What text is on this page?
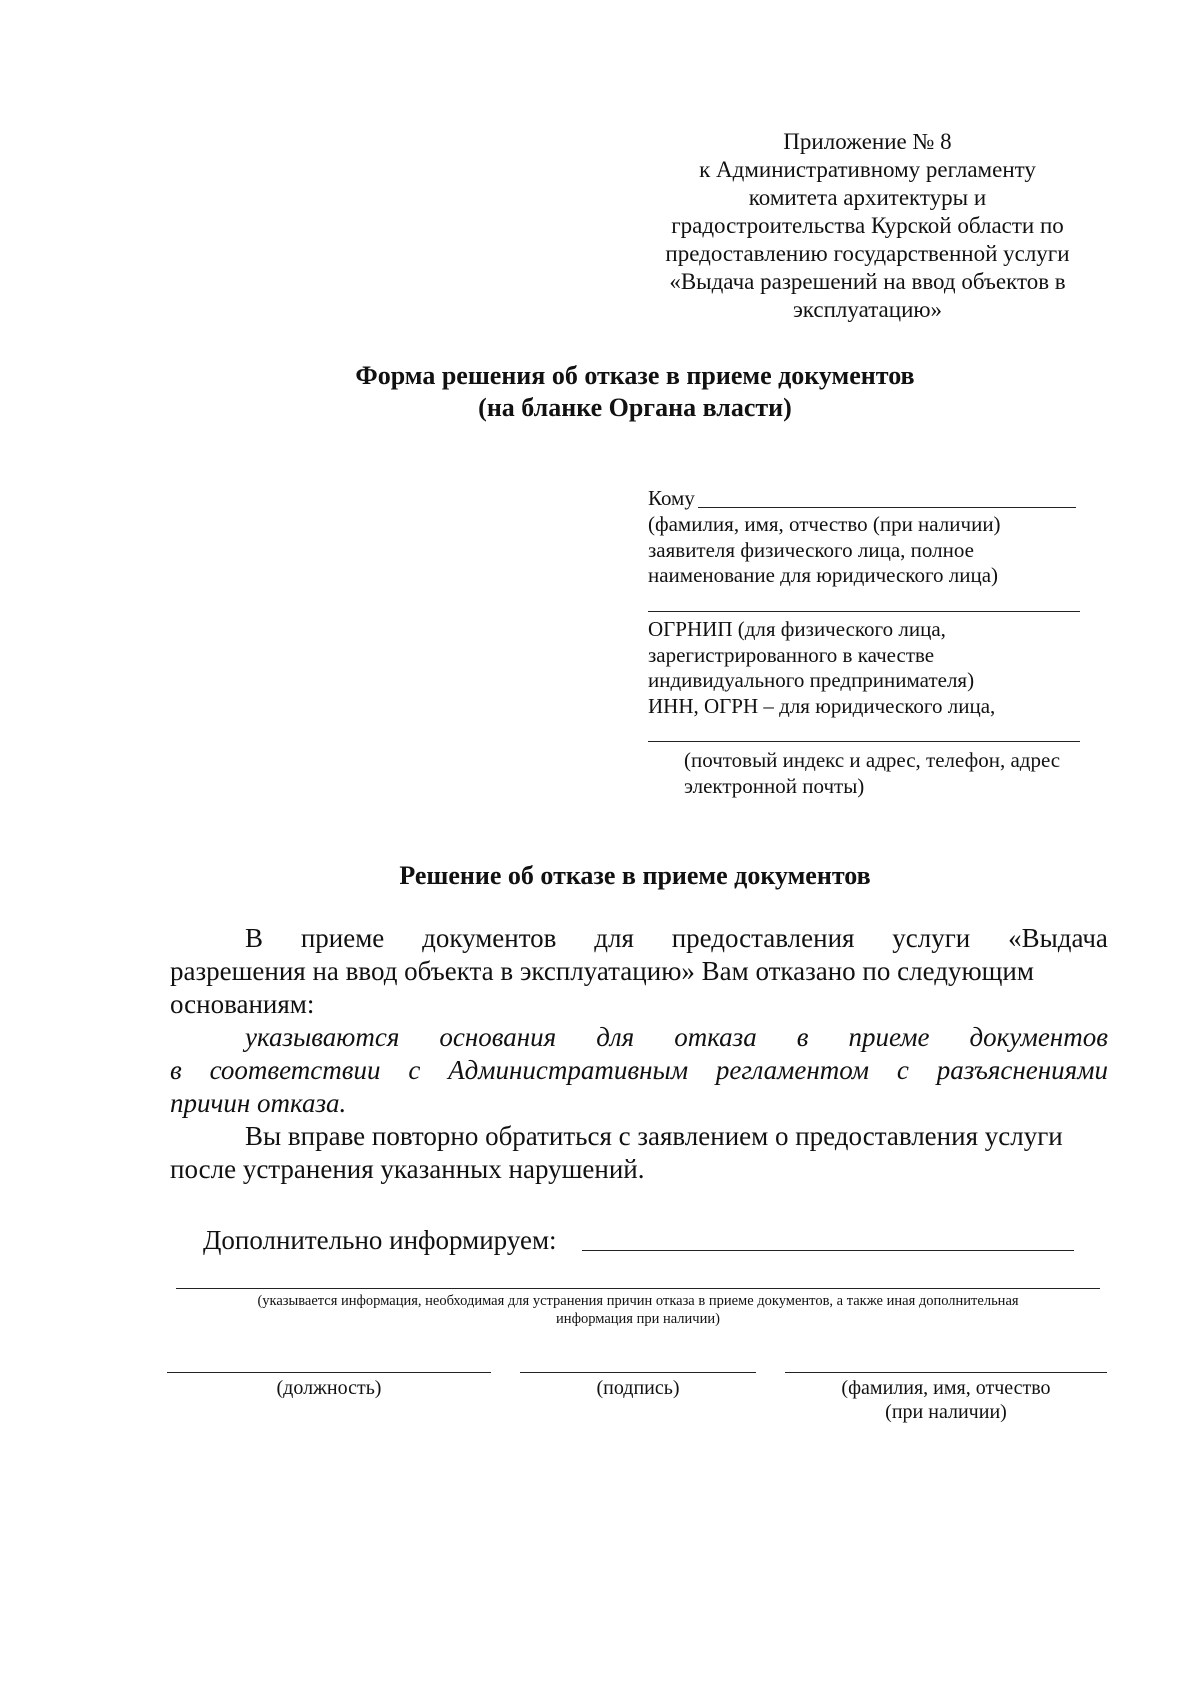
Приложение № 8
к Административному регламенту
комитета архитектуры и
градостроительства Курской области по
предоставлению государственной услуги
«Выдача разрешений на ввод объектов в
эксплуатацию»
Форма решения об отказе в приеме документов
(на бланке Органа власти)
Кому
(фамилия, имя, отчество (при наличии)
заявителя физического лица, полное
наименование для юридического лица)
ОГРНИП (для физического лица,
зарегистрированного в качестве
индивидуального предпринимателя)
ИНН, ОГРН – для юридического лица,
(почтовый индекс и адрес, телефон, адрес
электронной почты)
Решение об отказе в приеме документов
В приеме документов для предоставления услуги «Выдача
разрешения на ввод объекта в эксплуатацию» Вам отказано по следующим
основаниям:
указываются основания для отказа в приеме документов
в соответствии с Административным регламентом с разъяснениями
причин отказа.
Вы вправе повторно обратиться с заявлением о предоставления услуги
после устранения указанных нарушений.
Дополнительно информируем:
(указывается информация, необходимая для устранения причин отказа в приеме документов, а также иная дополнительная
информация при наличии)
(должность)	(подпись)	(фамилия, имя, отчество
(при наличии)
